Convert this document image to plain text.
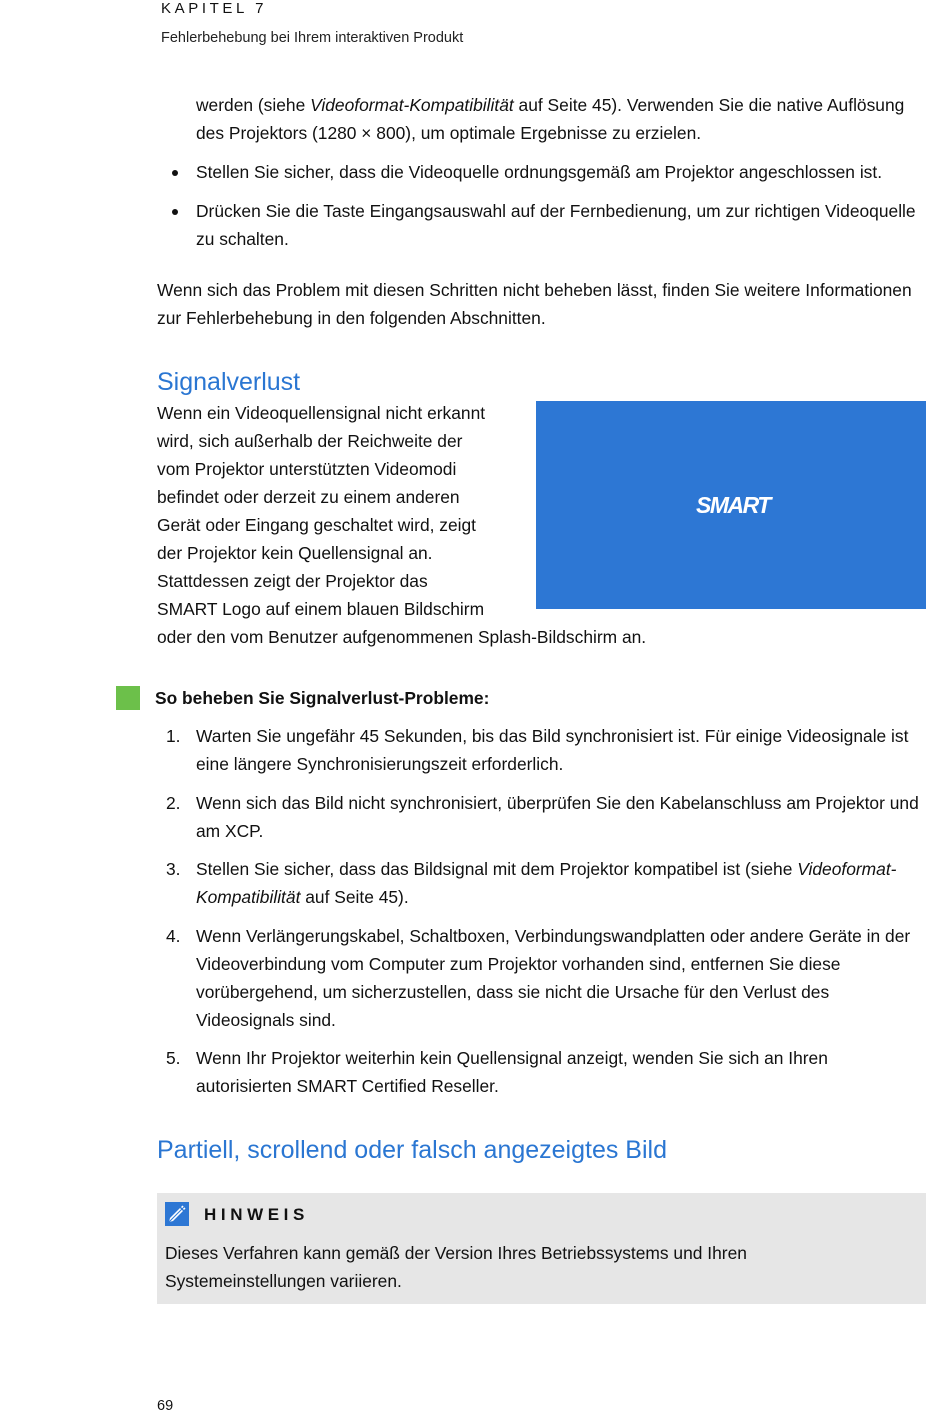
KAPITEL 7
Fehlerbehebung bei Ihrem interaktiven Produkt
werden (siehe Videoformat-Kompatibilität auf Seite 45). Verwenden Sie die native Auflösung des Projektors (1280 × 800), um optimale Ergebnisse zu erzielen.
Stellen Sie sicher, dass die Videoquelle ordnungsgemäß am Projektor angeschlossen ist.
Drücken Sie die Taste Eingangsauswahl auf der Fernbedienung, um zur richtigen Videoquelle zu schalten.
Wenn sich das Problem mit diesen Schritten nicht beheben lässt, finden Sie weitere Informationen zur Fehlerbehebung in den folgenden Abschnitten.
Signalverlust
Wenn ein Videoquellensignal nicht erkannt
wird, sich außerhalb der Reichweite der
vom Projektor unterstützten Videomodi
befindet oder derzeit zu einem anderen
Gerät oder Eingang geschaltet wird, zeigt
der Projektor kein Quellensignal an.
Stattdessen zeigt der Projektor das
SMART Logo auf einem blauen Bildschirm
oder den vom Benutzer aufgenommenen Splash-Bildschirm an.
SMART
So beheben Sie Signalverlust-Probleme:
1. Warten Sie ungefähr 45 Sekunden, bis das Bild synchronisiert ist. Für einige Videosignale ist eine längere Synchronisierungszeit erforderlich.
2. Wenn sich das Bild nicht synchronisiert, überprüfen Sie den Kabelanschluss am Projektor und am XCP.
3. Stellen Sie sicher, dass das Bildsignal mit dem Projektor kompatibel ist (siehe Videoformat-Kompatibilität auf Seite 45).
4. Wenn Verlängerungskabel, Schaltboxen, Verbindungswandplatten oder andere Geräte in der Videoverbindung vom Computer zum Projektor vorhanden sind, entfernen Sie diese vorübergehend, um sicherzustellen, dass sie nicht die Ursache für den Verlust des Videosignals sind.
5. Wenn Ihr Projektor weiterhin kein Quellensignal anzeigt, wenden Sie sich an Ihren autorisierten SMART Certified Reseller.
Partiell, scrollend oder falsch angezeigtes Bild
HINWEIS
Dieses Verfahren kann gemäß der Version Ihres Betriebssystems und Ihren Systemeinstellungen variieren.
69
